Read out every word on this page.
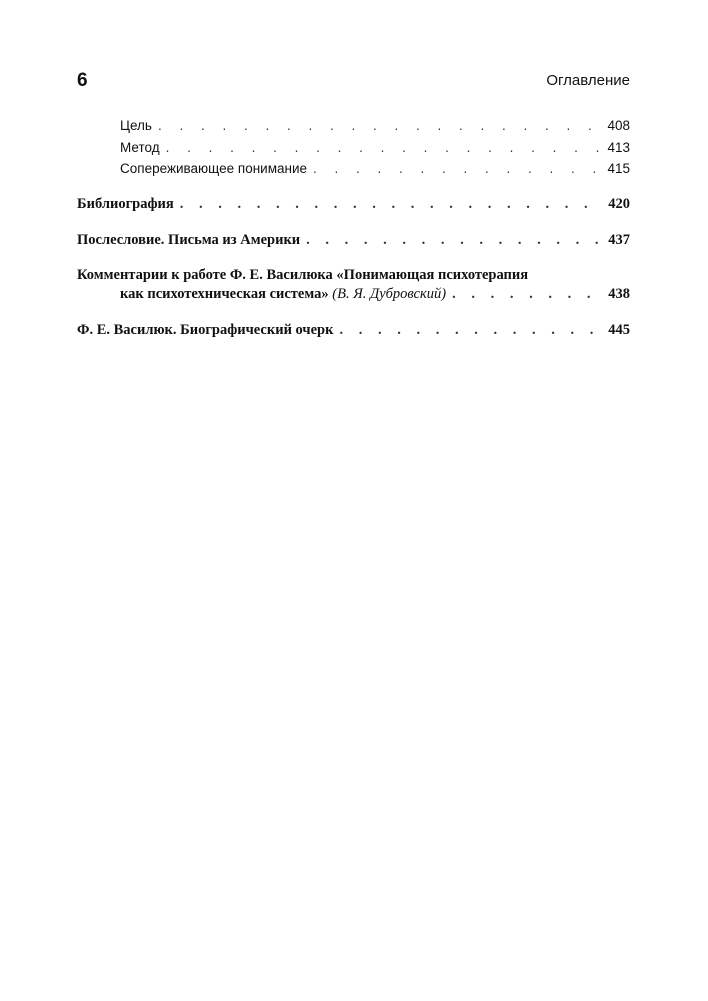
6	Оглавление
Цель . . .	408
Метод . . .	413
Сопереживающее понимание . . .	415
Библиография . . .	420
Послесловие. Письма из Америки . . .	437
Комментарии к работе Ф. Е. Василюка «Понимающая психотерапия
как психотехническая система» (В. Я. Дубровский) . . .	438
Ф. Е. Василюк. Биографический очерк . . .	445
